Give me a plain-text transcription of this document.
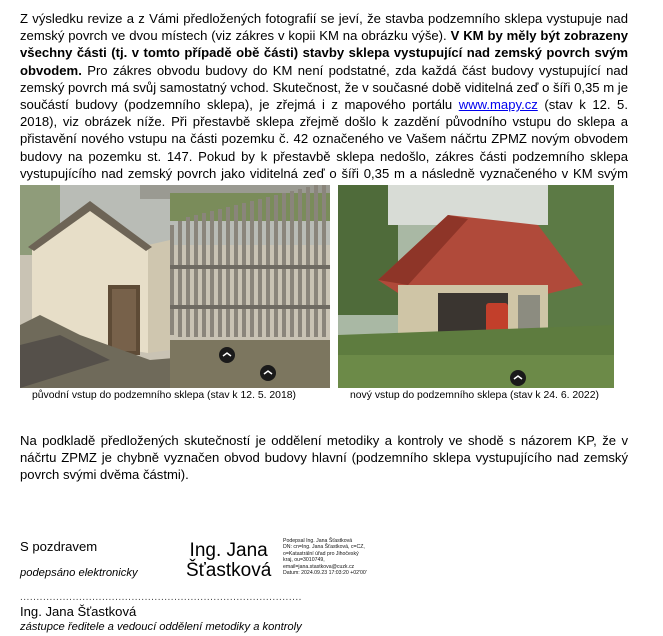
Z výsledku revize a z Vámi předložených fotografií se jeví, že stavba podzemního sklepa vystupuje nad zemský povrch ve dvou místech (viz zákres v kopii KM na obrázku výše). V KM by měly být zobrazeny všechny části (tj. v tomto případě obě části) stavby sklepa vystupující nad zemský povrch svým obvodem. Pro zákres obvodu budovy do KM není podstatné, zda každá část budovy vystupující nad zemský povrch má svůj samostatný vchod. Skutečnost, že v současné době viditelná zeď o šíři 0,35 m je součástí budovy (podzemního sklepa), je zřejmá i z mapového portálu www.mapy.cz (stav k 12. 5. 2018), viz obrázek níže. Při přestavbě sklepa zřejmě došlo k zazdění původního vstupu do sklepa a přistavění nového vstupu na části pozemku č. 42 označeného ve Vašem náčrtu ZPMZ novým obvodem budovy na pozemku st. 147. Pokud by k přestavbě sklepa nedošlo, zákres části podzemního sklepa vystupujícího nad zemský povrch jako viditelná zeď o šíři 0,35 m a následně vyznačeného v KM svým

původní vstup do podzemního sklepa (stav k 12. 5. 2018)	nový vstup do podzemního sklepa (stav k 24. 6. 2022)

Na podkladě předložených skutečností je oddělení metodiky a kontroly ve shodě s názorem KP, že v náčrtu ZPMZ je chybně vyznačen obvod budovy hlavní (podzemního sklepa vystupujícího nad zemský povrch svými dvěma částmi).

S pozdravem
podepsáno elektronicky
Ing. Jana
Šťastková
Podepsal Ing. Jana Šťastková
DN: cn=Ing. Jana Šťastková, c=CZ,
o=Katastrální úřad pro Jihočeský
kraj, ou=3010749,
email=jana.stastkova@cuzk.cz
Datum: 2024.09.23 17:03:20 +02'00'
......................................................................................
Ing. Jana Šťastková
zástupce ředitele a vedoucí oddělení metodiky a kontroly
